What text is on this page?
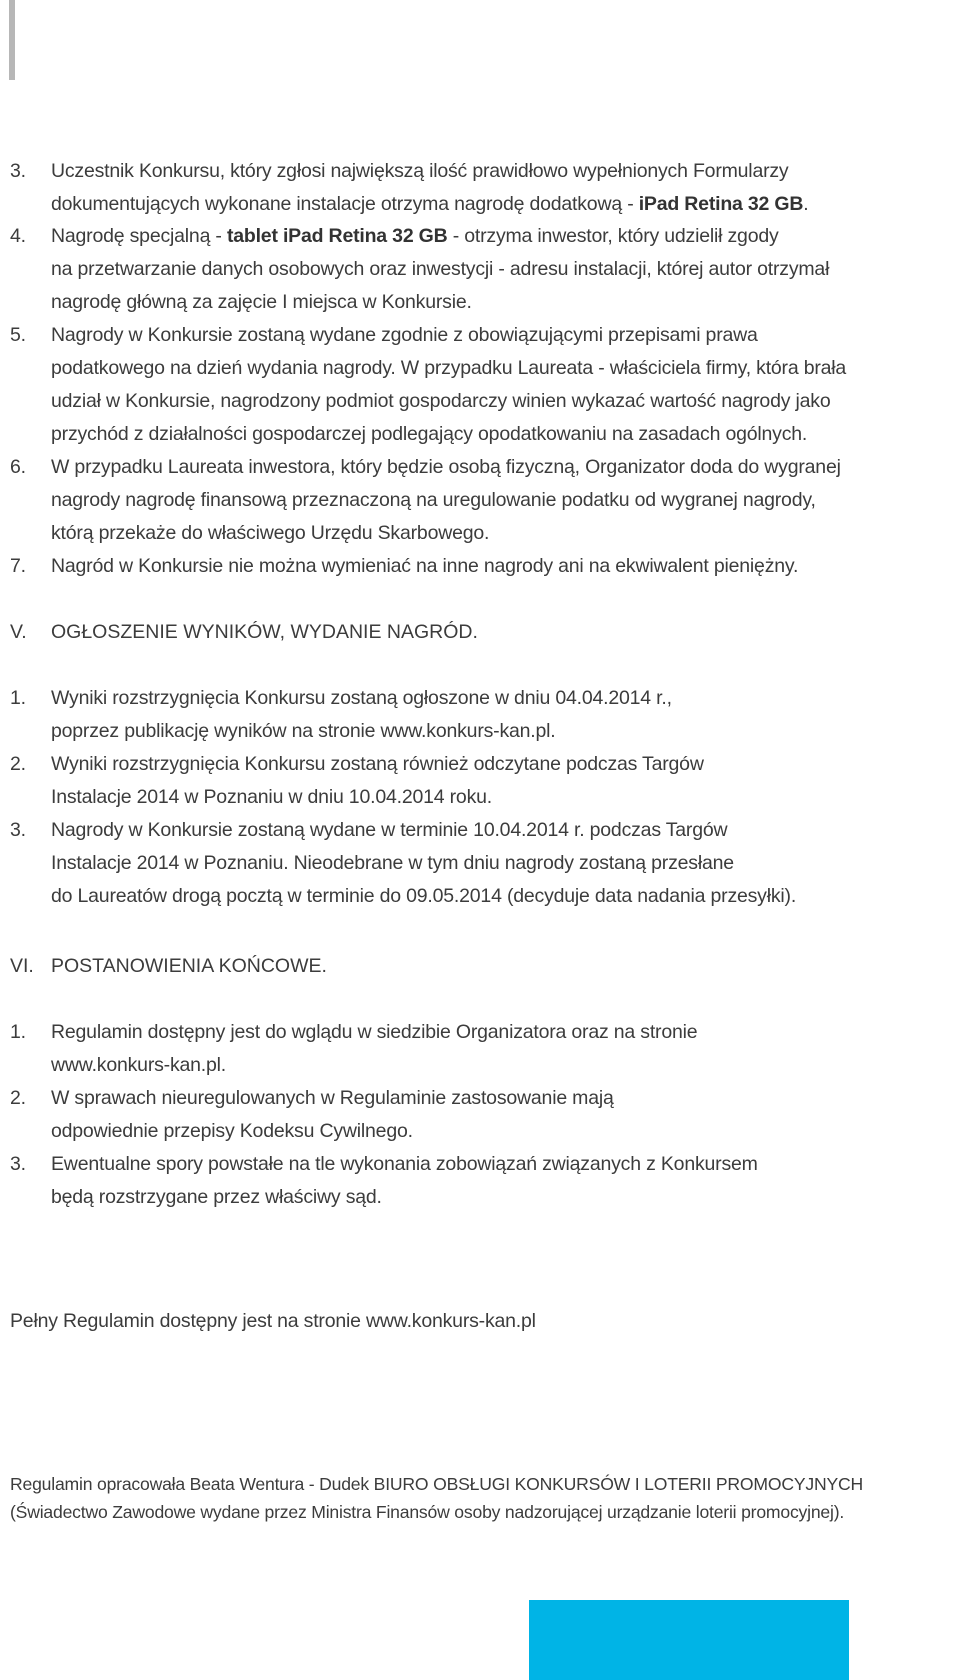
3. Uczestnik Konkursu, który zgłosi największą ilość prawidłowo wypełnionych Formularzy
dokumentujących wykonane instalacje otrzyma nagrodę dodatkową - iPad Retina 32 GB.
4. Nagrodę specjalną - tablet iPad Retina 32 GB - otrzyma inwestor, który udzielił zgody
na przetwarzanie danych osobowych oraz inwestycji - adresu instalacji, której autor otrzymał
nagrodę główną za zajęcie I miejsca w Konkursie.
5. Nagrody w Konkursie zostaną wydane zgodnie z obowiązującymi przepisami prawa
podatkowego na dzień wydania nagrody. W przypadku Laureata - właściciela firmy, która brała
udział w Konkursie, nagrodzony podmiot gospodarczy winien wykazać wartość nagrody jako
przychód z działalności gospodarczej podlegający opodatkowaniu na zasadach ogólnych.
6. W przypadku Laureata inwestora, który będzie osobą fizyczną, Organizator doda do wygranej
nagrody nagrodę finansową przeznaczoną na uregulowanie podatku od wygranej nagrody,
którą przekaże do właściwego Urzędu Skarbowego.
7. Nagród w Konkursie nie można wymieniać na inne nagrody ani na ekwiwalent pieniężny.
V. OGŁOSZENIE WYNIKÓW, WYDANIE NAGRÓD.
1. Wyniki rozstrzygnięcia Konkursu zostaną ogłoszone w dniu 04.04.2014 r.,
poprzez publikację wyników na stronie www.konkurs-kan.pl.
2. Wyniki rozstrzygnięcia Konkursu zostaną również odczytane podczas Targów
Instalacje 2014 w Poznaniu w dniu 10.04.2014 roku.
3. Nagrody w Konkursie zostaną wydane w terminie 10.04.2014 r. podczas Targów
Instalacje 2014 w Poznaniu. Nieodebrane w tym dniu nagrody zostaną przesłane
do Laureatów drogą pocztą w terminie do 09.05.2014 (decyduje data nadania przesyłki).
VI. POSTANOWIENIA KOŃCOWE.
1. Regulamin dostępny jest do wglądu w siedzibie Organizatora oraz na stronie
www.konkurs-kan.pl.
2. W sprawach nieuregulowanych w Regulaminie zastosowanie mają
odpowiednie przepisy Kodeksu Cywilnego.
3. Ewentualne spory powstałe na tle wykonania zobowiązań związanych z Konkursem
będą rozstrzygane przez właściwy sąd.
Pełny Regulamin dostępny jest na stronie www.konkurs-kan.pl
Regulamin opracowała Beata Wentura - Dudek BIURO OBSŁUGI KONKURSÓW I LOTERII PROMOCYJNYCH
(Świadectwo Zawodowe wydane przez Ministra Finansów osoby nadzorującej urządzanie loterii promocyjnej).
